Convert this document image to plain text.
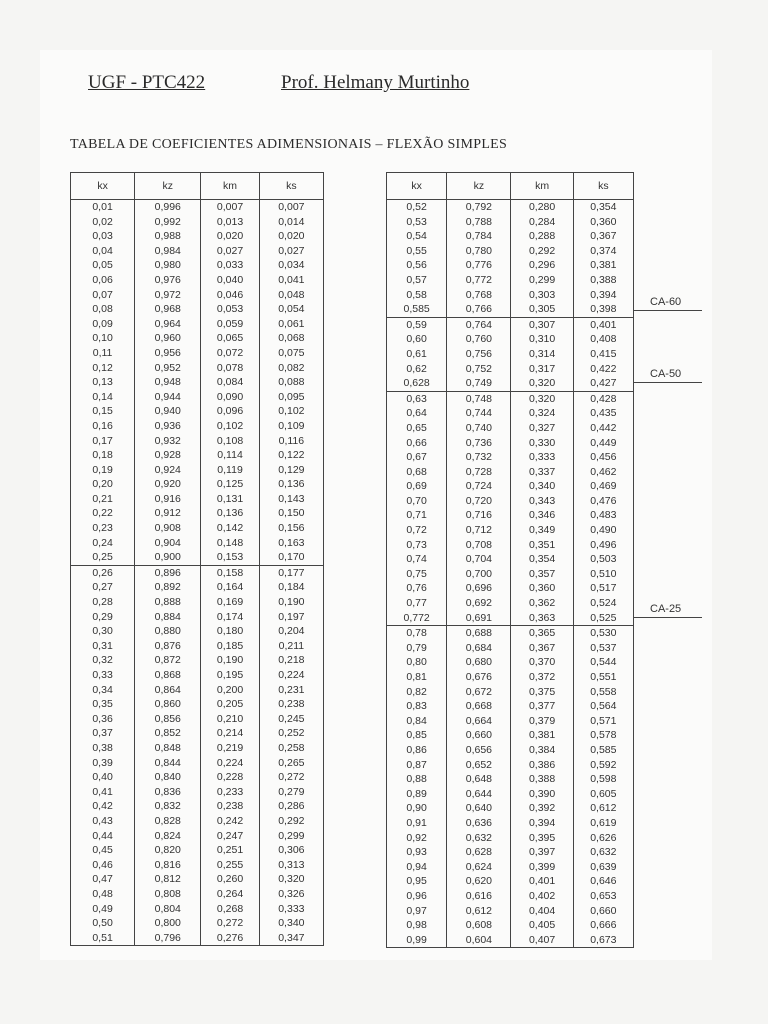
UGF - PTC422	Prof. Helmany Murtinho
TABELA DE COEFICIENTES ADIMENSIONAIS – FLEXÃO SIMPLES
kx	kz	km	ks
0,01	0,996	0,007	0,007
0,02	0,992	0,013	0,014
0,03	0,988	0,020	0,020
0,04	0,984	0,027	0,027
0,05	0,980	0,033	0,034
0,06	0,976	0,040	0,041
0,07	0,972	0,046	0,048
0,08	0,968	0,053	0,054
0,09	0,964	0,059	0,061
0,10	0,960	0,065	0,068
0,11	0,956	0,072	0,075
0,12	0,952	0,078	0,082
0,13	0,948	0,084	0,088
0,14	0,944	0,090	0,095
0,15	0,940	0,096	0,102
0,16	0,936	0,102	0,109
0,17	0,932	0,108	0,116
0,18	0,928	0,114	0,122
0,19	0,924	0,119	0,129
0,20	0,920	0,125	0,136
0,21	0,916	0,131	0,143
0,22	0,912	0,136	0,150
0,23	0,908	0,142	0,156
0,24	0,904	0,148	0,163
0,25	0,900	0,153	0,170
0,26	0,896	0,158	0,177
0,27	0,892	0,164	0,184
0,28	0,888	0,169	0,190
0,29	0,884	0,174	0,197
0,30	0,880	0,180	0,204
0,31	0,876	0,185	0,211
0,32	0,872	0,190	0,218
0,33	0,868	0,195	0,224
0,34	0,864	0,200	0,231
0,35	0,860	0,205	0,238
0,36	0,856	0,210	0,245
0,37	0,852	0,214	0,252
0,38	0,848	0,219	0,258
0,39	0,844	0,224	0,265
0,40	0,840	0,228	0,272
0,41	0,836	0,233	0,279
0,42	0,832	0,238	0,286
0,43	0,828	0,242	0,292
0,44	0,824	0,247	0,299
0,45	0,820	0,251	0,306
0,46	0,816	0,255	0,313
0,47	0,812	0,260	0,320
0,48	0,808	0,264	0,326
0,49	0,804	0,268	0,333
0,50	0,800	0,272	0,340
0,51	0,796	0,276	0,347
kx	kz	km	ks
0,52	0,792	0,280	0,354
0,53	0,788	0,284	0,360
0,54	0,784	0,288	0,367
0,55	0,780	0,292	0,374
0,56	0,776	0,296	0,381
0,57	0,772	0,299	0,388
0,58	0,768	0,303	0,394
0,585	0,766	0,305	0,398
0,59	0,764	0,307	0,401
0,60	0,760	0,310	0,408
0,61	0,756	0,314	0,415
0,62	0,752	0,317	0,422
0,628	0,749	0,320	0,427
0,63	0,748	0,320	0,428
0,64	0,744	0,324	0,435
0,65	0,740	0,327	0,442
0,66	0,736	0,330	0,449
0,67	0,732	0,333	0,456
0,68	0,728	0,337	0,462
0,69	0,724	0,340	0,469
0,70	0,720	0,343	0,476
0,71	0,716	0,346	0,483
0,72	0,712	0,349	0,490
0,73	0,708	0,351	0,496
0,74	0,704	0,354	0,503
0,75	0,700	0,357	0,510
0,76	0,696	0,360	0,517
0,77	0,692	0,362	0,524
0,772	0,691	0,363	0,525
0,78	0,688	0,365	0,530
0,79	0,684	0,367	0,537
0,80	0,680	0,370	0,544
0,81	0,676	0,372	0,551
0,82	0,672	0,375	0,558
0,83	0,668	0,377	0,564
0,84	0,664	0,379	0,571
0,85	0,660	0,381	0,578
0,86	0,656	0,384	0,585
0,87	0,652	0,386	0,592
0,88	0,648	0,388	0,598
0,89	0,644	0,390	0,605
0,90	0,640	0,392	0,612
0,91	0,636	0,394	0,619
0,92	0,632	0,395	0,626
0,93	0,628	0,397	0,632
0,94	0,624	0,399	0,639
0,95	0,620	0,401	0,646
0,96	0,616	0,402	0,653
0,97	0,612	0,404	0,660
0,98	0,608	0,405	0,666
0,99	0,604	0,407	0,673
CA-60
CA-50
CA-25
